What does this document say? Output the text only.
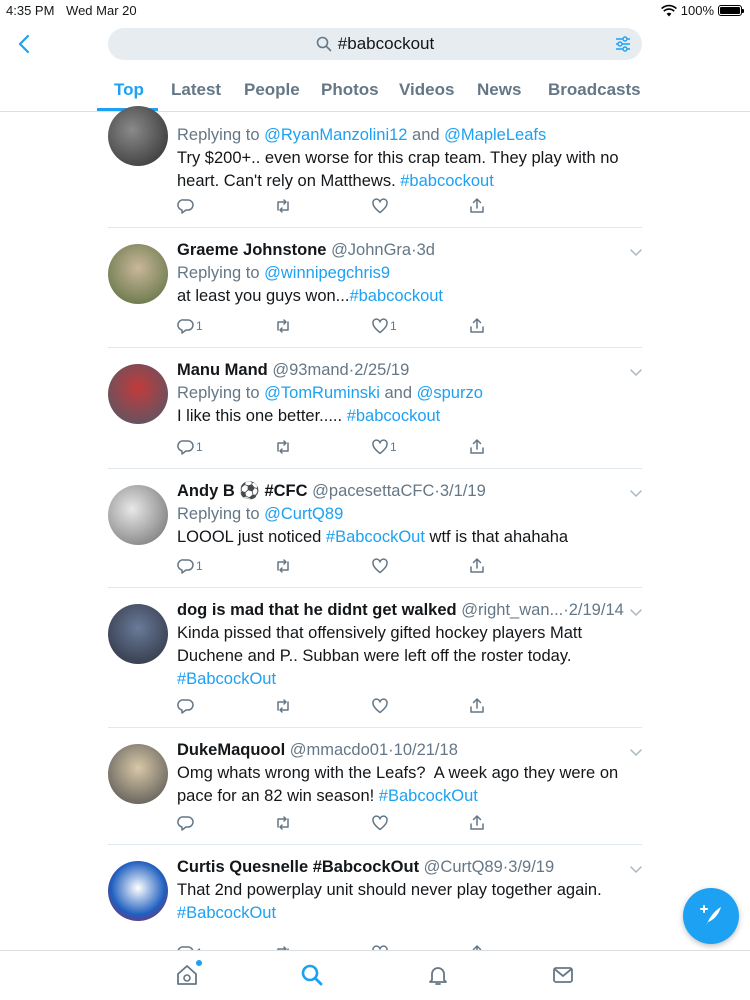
4:35 PM Wed Mar 20	100%
#babcockout
Top Latest People Photos Videos News Broadcasts

Replying to @RyanManzolini12 and @MapleLeafs
Try $200+.. even worse for this crap team. They play with no
heart. Can't rely on Matthews. #babcockout
Graeme Johnstone @JohnGra·3d
Replying to @winnipegchris9
at least you guys won...#babcockout
1	1
Manu Mand @93mand·2/25/19
Replying to @TomRuminski and @spurzo
I like this one better..... #babcockout
1	1
Andy B ⚽ #CFC @pacesettaCFC·3/1/19
Replying to @CurtQ89
LOOOL just noticed #BabcockOut wtf is that ahahaha
1
dog is mad that he didnt get walked @right_wan...·2/19/14
Kinda pissed that offensively gifted hockey players Matt
Duchene and P.. Subban were left off the roster today.
#BabcockOut
DukeMaquool @mmacdo01·10/21/18
Omg whats wrong with the Leafs?  A week ago they were on
pace for an 82 win season! #BabcockOut
Curtis Quesnelle #BabcockOut @CurtQ89·3/9/19
That 2nd powerplay unit should never play together again.
#BabcockOut
